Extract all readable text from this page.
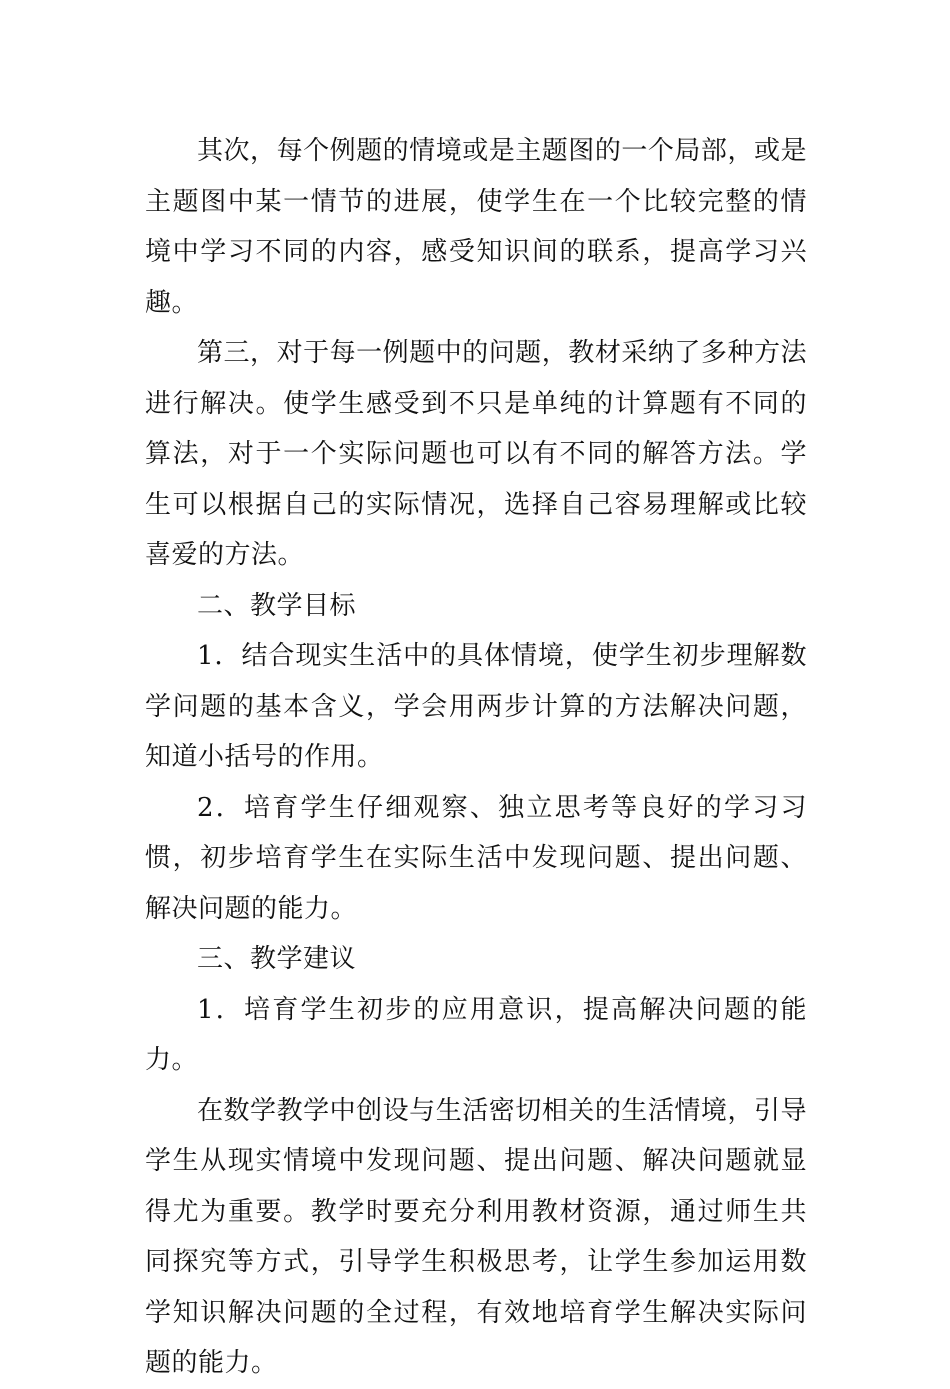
其次，每个例题的情境或是主题图的一个局部，或是主题图中某一情节的进展，使学生在一个比较完整的情境中学习不同的内容，感受知识间的联系，提高学习兴趣。

第三，对于每一例题中的问题，教材采纳了多种方法进行解决。使学生感受到不只是单纯的计算题有不同的算法，对于一个实际问题也可以有不同的解答方法。学生可以根据自己的实际情况，选择自己容易理解或比较喜爱的方法。

二、教学目标

1．结合现实生活中的具体情境，使学生初步理解数学问题的基本含义，学会用两步计算的方法解决问题，知道小括号的作用。

2．培育学生仔细观察、独立思考等良好的学习习惯，初步培育学生在实际生活中发现问题、提出问题、解决问题的能力。

三、教学建议

1．培育学生初步的应用意识，提高解决问题的能力。

在数学教学中创设与生活密切相关的生活情境，引导学生从现实情境中发现问题、提出问题、解决问题就显得尤为重要。教学时要充分利用教材资源，通过师生共同探究等方式，引导学生积极思考，让学生参加运用数学知识解决问题的全过程，有效地培育学生解决实际问题的能力。
